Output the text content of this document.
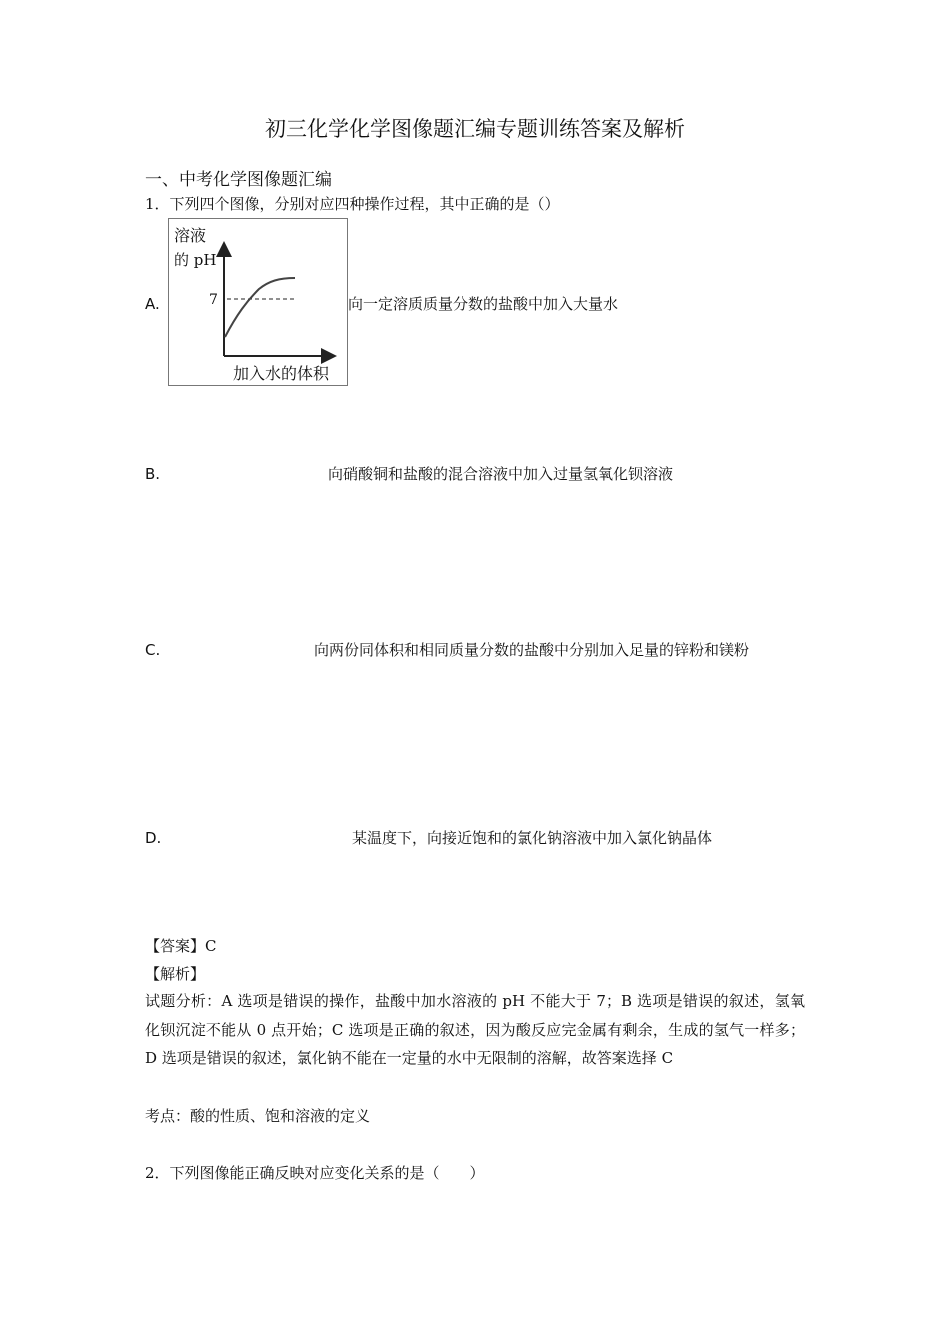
初三化学化学图像题汇编专题训练答案及解析
一、中考化学图像题汇编
1．下列四个图像，分别对应四种操作过程，其中正确的是（）
A.
溶液
的 pH
7
加入水的体积
向一定溶质质量分数的盐酸中加入大量水
B.	向硝酸铜和盐酸的混合溶液中加入过量氢氧化钡溶液
C.	向两份同体积和相同质量分数的盐酸中分别加入足量的锌粉和镁粉
D.	某温度下，向接近饱和的氯化钠溶液中加入氯化钠晶体
【答案】C
【解析】
试题分析：A 选项是错误的操作，盐酸中加水溶液的 pH 不能大于 7；B 选项是错误的叙述，氢氧化钡沉淀不能从 0 点开始；C 选项是正确的叙述，因为酸反应完金属有剩余，生成的氢气一样多；D 选项是错误的叙述，氯化钠不能在一定量的水中无限制的溶解，故答案选择 C
考点：酸的性质、饱和溶液的定义
2．下列图像能正确反映对应变化关系的是（　　）
